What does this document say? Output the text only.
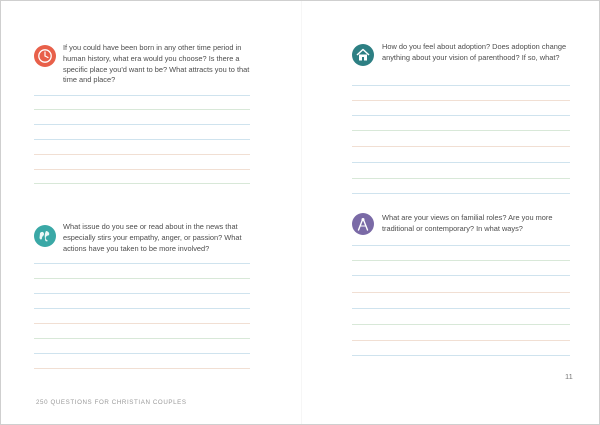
If you could have been born in any other time period in human history, what era would you choose? Is there a specific place you'd want to be? What attracts you to that time and place?

What issue do you see or read about in the news that especially stirs your empathy, anger, or passion? What actions have you taken to be more involved?

250 QUESTIONS FOR CHRISTIAN COUPLES

How do you feel about adoption? Does adoption change anything about your vision of parenthood? If so, what?

What are your views on familial roles? Are you more traditional or contemporary? In what ways?

11
